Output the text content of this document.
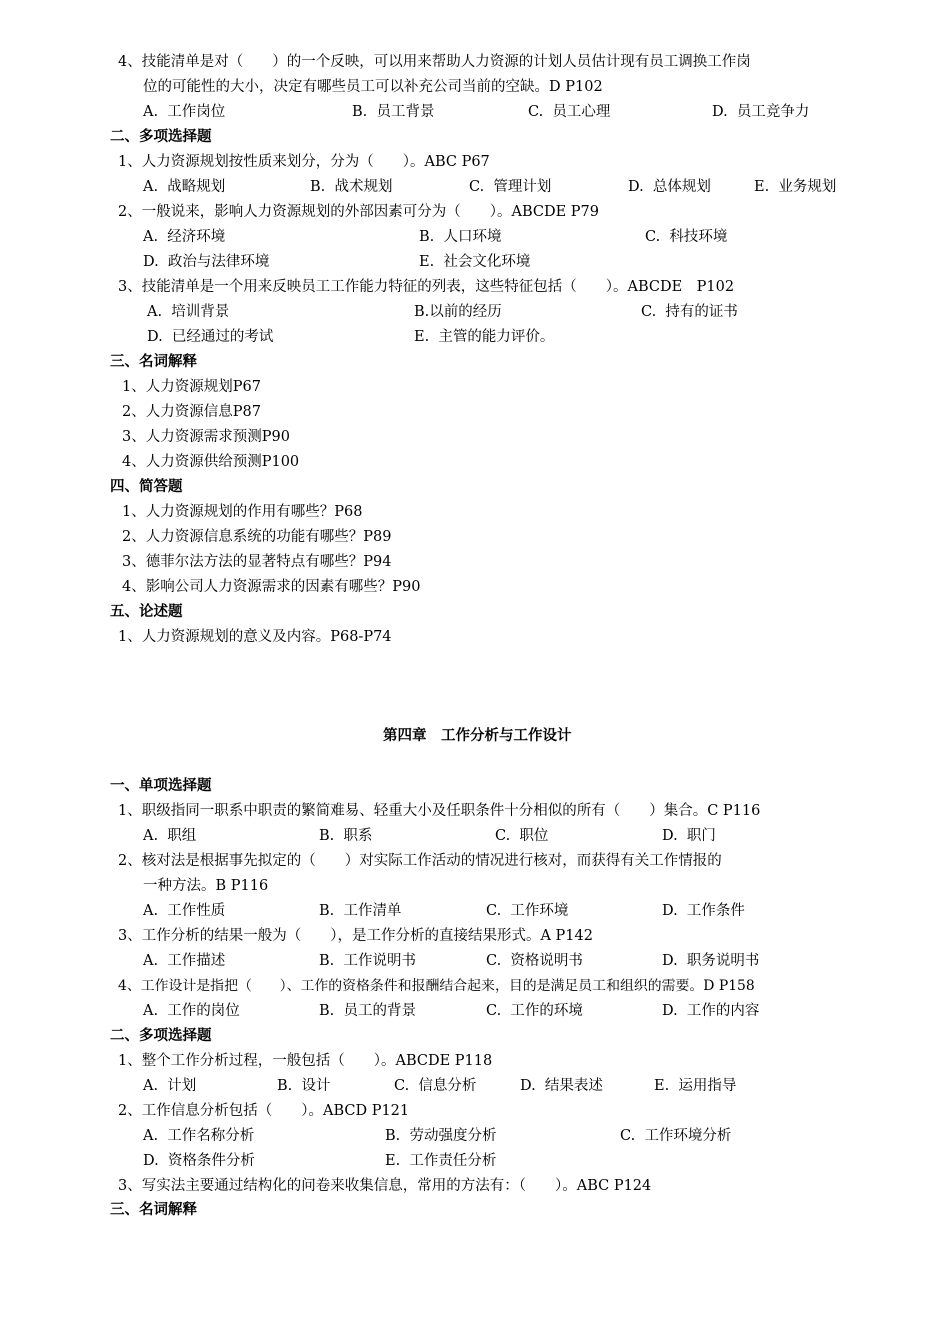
4、技能清单是对（　　）的一个反映，可以用来帮助人力资源的计划人员估计现有员工调换工作岗
位的可能性的大小，决定有哪些员工可以补充公司当前的空缺。D P102
A.  工作岗位	B.  员工背景	C.  员工心理	D.  员工竞争力
二、多项选择题
1、人力资源规划按性质来划分，分为（　　）。ABC P67
A.  战略规划	B.  战术规划	C.  管理计划	D.  总体规划	E.  业务规划
2、一般说来，影响人力资源规划的外部因素可分为（　　）。ABCDE P79
A.  经济环境	B.  人口环境	C.  科技环境
D.  政治与法律环境	E.  社会文化环境
3、技能清单是一个用来反映员工工作能力特征的列表，这些特征包括（　　）。ABCDE　P102
A.  培训背景	B.以前的经历	C.  持有的证书
D.  已经通过的考试	E.  主管的能力评价。
三、名词解释
1、人力资源规划P67
2、人力资源信息P87
3、人力资源需求预测P90
4、人力资源供给预测P100
四、简答题
1、人力资源规划的作用有哪些？P68
2、人力资源信息系统的功能有哪些？P89
3、德菲尔法方法的显著特点有哪些？P94
4、影响公司人力资源需求的因素有哪些？P90
五、论述题
1、人力资源规划的意义及内容。P68-P74
第四章　工作分析与工作设计
一、单项选择题
1、职级指同一职系中职责的繁简难易、轻重大小及任职条件十分相似的所有（　　）集合。C P116
A.  职组	B.  职系	C.  职位	D.  职门
2、核对法是根据事先拟定的（　　）对实际工作活动的情况进行核对，而获得有关工作情报的
一种方法。B P116
A.  工作性质	B.  工作清单	C.  工作环境	D.  工作条件
3、工作分析的结果一般为（　　），是工作分析的直接结果形式。A P142
A.  工作描述	B.  工作说明书	C.  资格说明书	D.  职务说明书
4、工作设计是指把（　　）、工作的资格条件和报酬结合起来，目的是满足员工和组织的需要。D P158
A.  工作的岗位	B.  员工的背景	C.  工作的环境	D.  工作的内容
二、多项选择题
1、整个工作分析过程，一般包括（　　）。ABCDE P118
A.  计划	B.  设计	C.  信息分析	D.  结果表述	E.  运用指导
2、工作信息分析包括（　　）。ABCD P121
A.  工作名称分析	B.  劳动强度分析	C.  工作环境分析
D.  资格条件分析	E.  工作责任分析
3、写实法主要通过结构化的问卷来收集信息，常用的方法有：（　　）。ABC P124
三、名词解释
